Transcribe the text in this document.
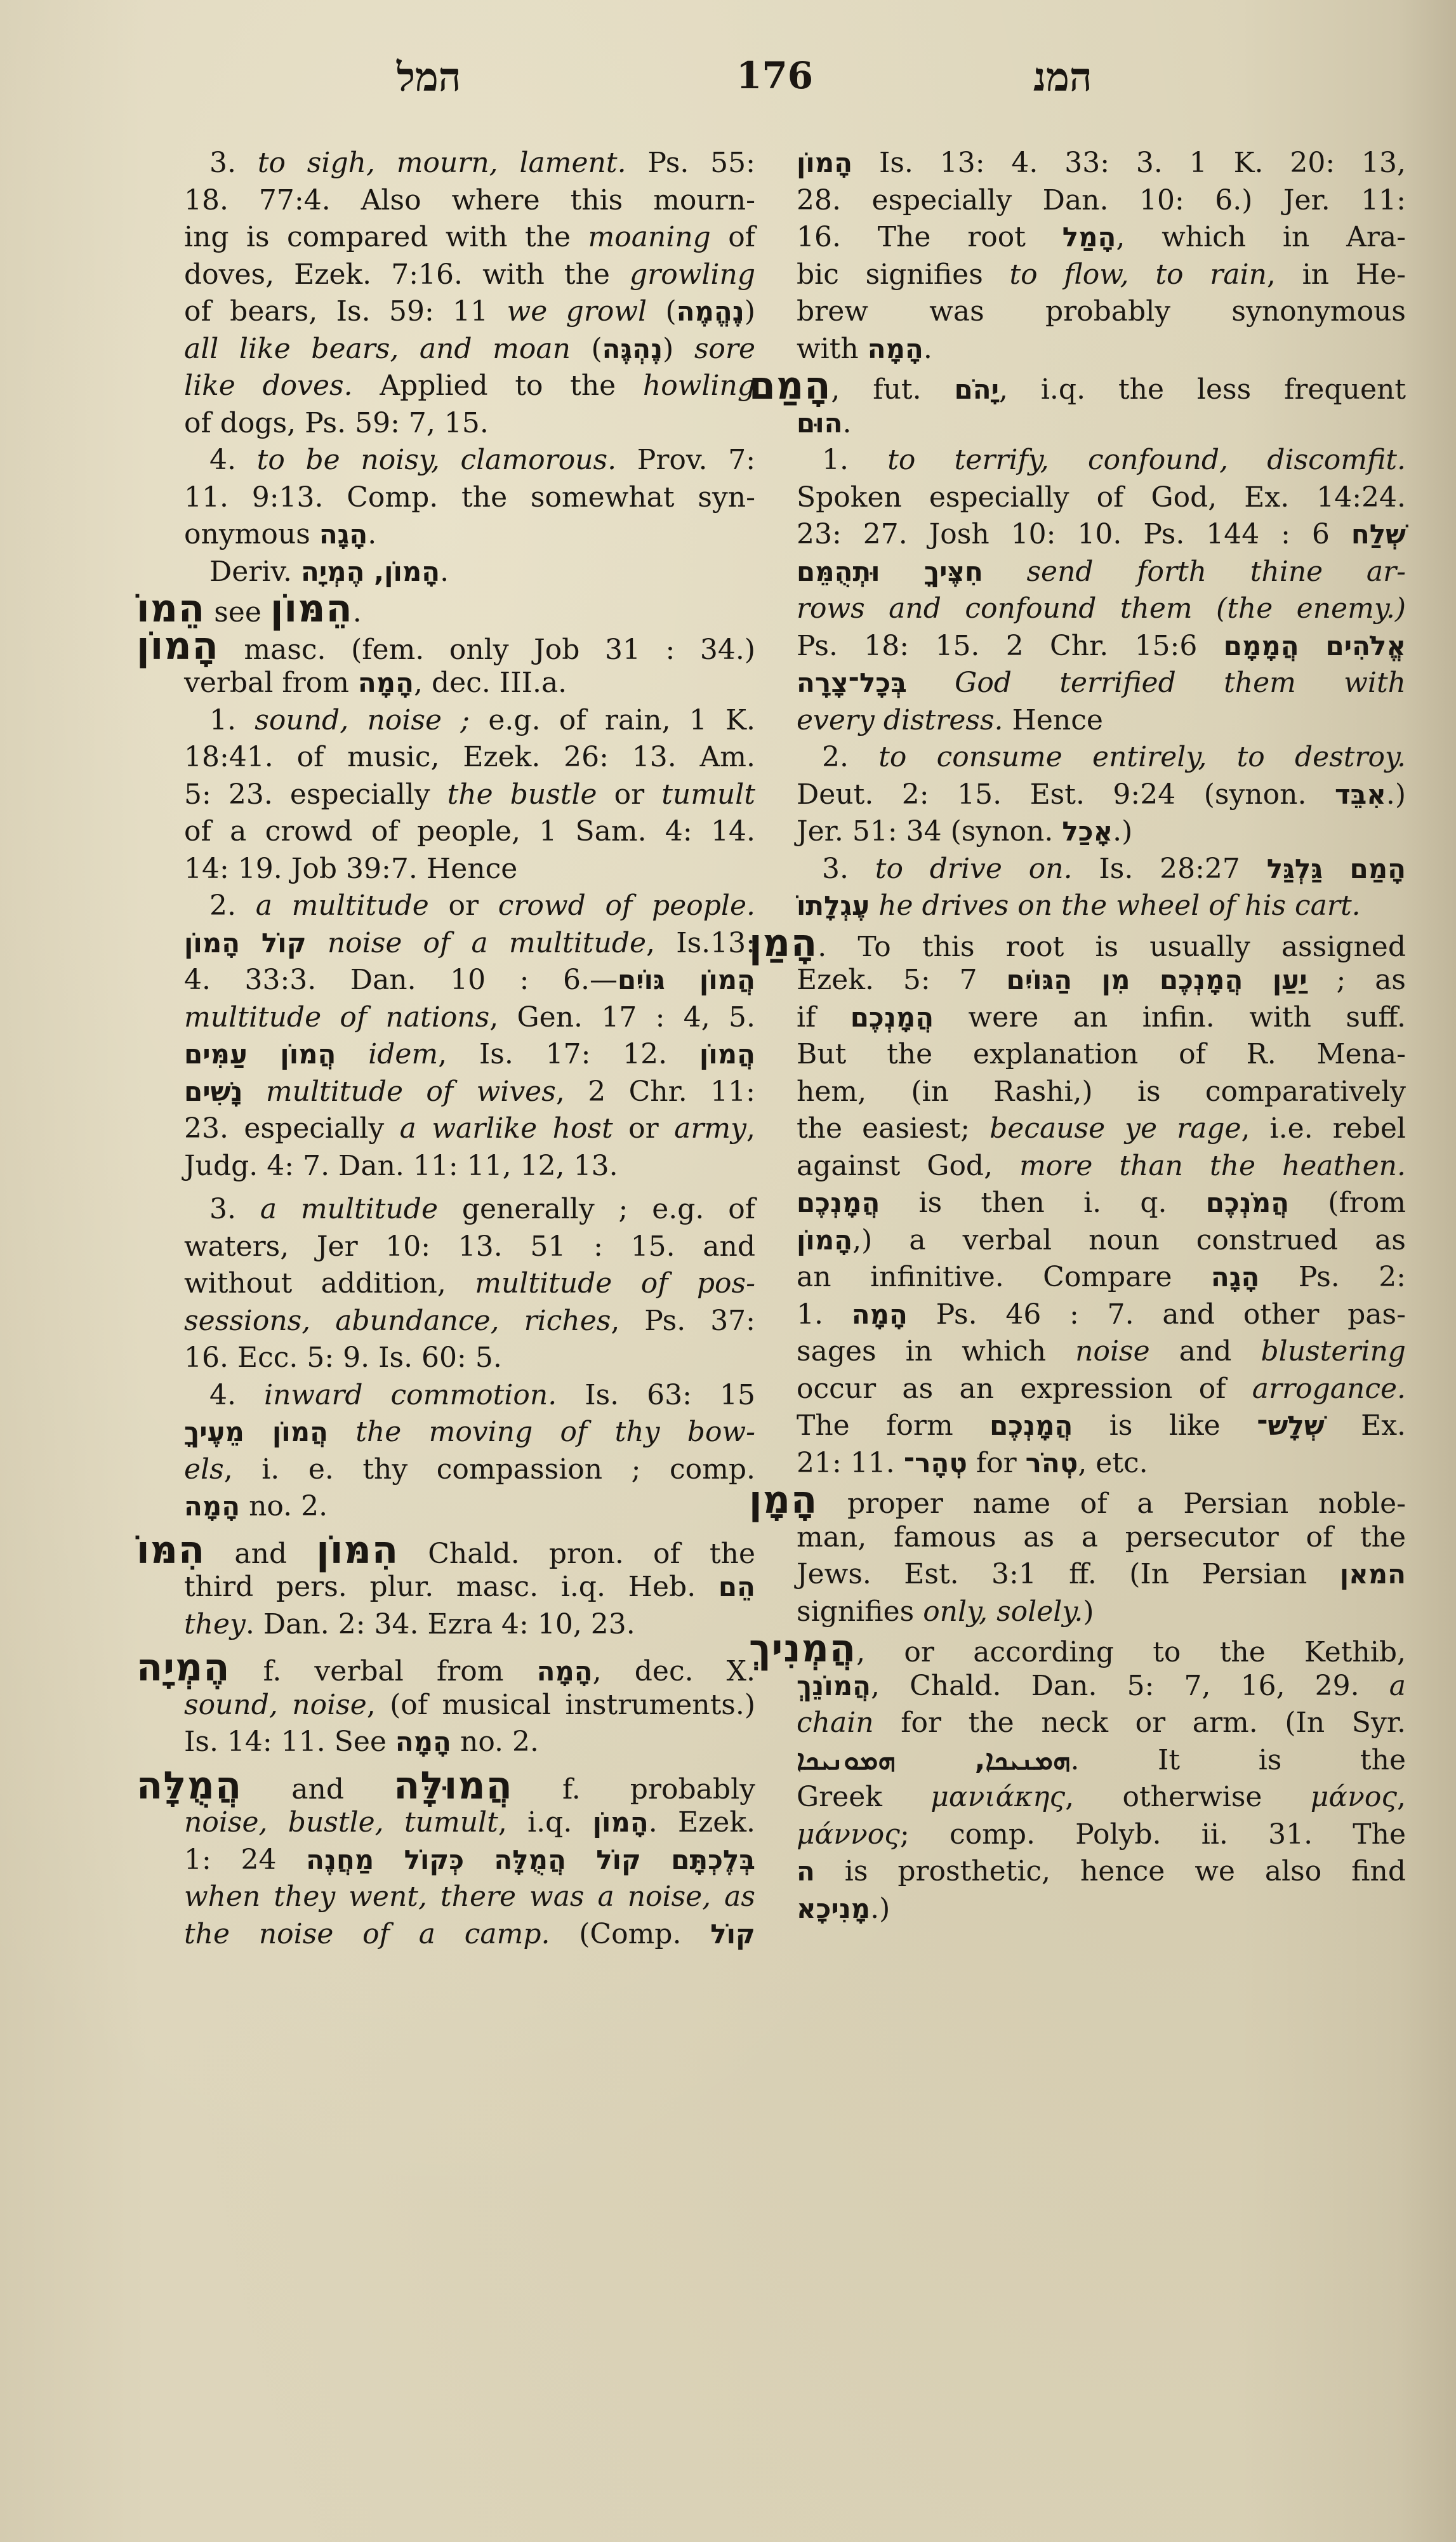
המל	176	המנ
3. to sigh, mourn, lament. Ps. 55:
18. 77:4. Also where this mourn-
ing is compared with the moaning of
doves, Ezek. 7:16. with the growling
of bears, Is. 59: 11 we growl (נֶהֱמֶה)
all like bears, and moan (נֶהְגֶּה) sore
like doves. Applied to the howling
of dogs, Ps. 59: 7, 15.
4. to be noisy, clamorous. Prov. 7:
11. 9:13. Comp. the somewhat syn-
onymous הָגָה.
Deriv. הָמוֹן, הֶמְיָה.
הֵמוֹ see הֵמּוֹן.
הָמוֹן masc. (fem. only Job 31 : 34.)
verbal from הָמָה, dec. III.a.
1. sound, noise ; e.g. of rain, 1 K.
18:41. of music, Ezek. 26: 13. Am.
5: 23. especially the bustle or tumult
of a crowd of people, 1 Sam. 4: 14.
14: 19. Job 39:7. Hence
2. a multitude or crowd of people.
קוֹל הָמוֹן noise of a multitude, Is.13:
4. 33:3. Dan. 10 : 6.—הֲמוֹן גּוֹיִם
multitude of nations, Gen. 17 : 4, 5.
הֲמוֹן עַמִּים idem, Is. 17: 12. הֲמוֹן
נָשִׁים multitude of wives, 2 Chr. 11:
23. especially a warlike host or army,
Judg. 4: 7. Dan. 11: 11, 12, 13.
3. a multitude generally ; e.g. of
waters, Jer 10: 13. 51 : 15. and
without addition, multitude of pos-
sessions, abundance, riches, Ps. 37:
16. Ecc. 5: 9. Is. 60: 5.
4. inward commotion. Is. 63: 15
הֲמוֹן מֵעֶיךָ the moving of thy bow-
els, i. e. thy compassion ; comp.
הָמָה no. 2.
הִמּוֹ and הִמּוֹן Chald. pron. of the
third pers. plur. masc. i.q. Heb. הֵם
they. Dan. 2: 34. Ezra 4: 10, 23.
הֶמְיָה f. verbal from הָמָה, dec. X.
sound, noise, (of musical instruments.)
Is. 14: 11. See הָמָה no. 2.
הֲמֻלָּה and הֲמוּלָּה f. probably
noise, bustle, tumult, i.q. הָמוֹן. Ezek.
1: 24 בְּלֶכְתָּם קוֹל הֲמֻלָּה כְּקוֹל מַחֲנֶה
when they went, there was a noise, as
the noise of a camp. (Comp. קוֹל
הָמוֹן Is. 13: 4. 33: 3. 1 K. 20: 13,
28. especially Dan. 10: 6.) Jer. 11:
16. The root הָמַל, which in Ara-
bic signifies to flow, to rain, in He-
brew was probably synonymous
with הָמָה.
הָמַם, fut. יָהֹם, i.q. the less frequent
הוּם.
1. to terrify, confound, discomfit.
Spoken especially of God, Ex. 14:24.
23: 27. Josh 10: 10. Ps. 144 : 6 שְׁלַח
חִצֶּיךָ וּתְהֻמֵּם send forth thine ar-
rows and confound them (the enemy.)
Ps. 18: 15. 2 Chr. 15:6 אֱלֹהִים הֲמָמָם
בְּכָל־צָרָה God terrified them with
every distress. Hence
2. to consume entirely, to destroy.
Deut. 2: 15. Est. 9:24 (synon. אִבֵּד.)
Jer. 51: 34 (synon. אָכַל.)
3. to drive on. Is. 28:27 הָמַם גַּלְגַּל
עֶגְלָתוֹ he drives on the wheel of his cart.
הָמַן. To this root is usually assigned
Ezek. 5: 7 יַעַן הֲמָנְכֶם מִן הַגּוֹיִם ; as
if הֲמָנְכֶם were an infin. with suff.
But the explanation of R. Mena-
hem, (in Rashi,) is comparatively
the easiest; because ye rage, i.e. rebel
against God, more than the heathen.
הֲמָנְכֶם is then i. q. הֲמֹנְכֶם (from
הָמוֹן,) a verbal noun construed as
an infinitive. Compare הָגָה Ps. 2:
1. הָמָה Ps. 46 : 7. and other pas-
sages in which noise and blustering
occur as an expression of arrogance.
The form הֲמָנְכֶם is like שְׁלָשׁ־ Ex.
21: 11. טְהָר־ for טְהֹר, etc.
הָמָן proper name of a Persian noble-
man, famous as a persecutor of the
Jews. Est. 3:1 ff. (In Persian המאן
signifies only, solely.)
הֲמְנִיךְ, or according to the Kethib,
הֲמוֹנֵךְ, Chald. Dan. 5: 7, 16, 29. a
chain for the neck or arm. (In Syr.
ܗܡܢܝܟܐ, ܗܡܘܢܝܟܐ. It is the
Greek μανιάκης, otherwise μάνος,
μάννος; comp. Polyb. ii. 31. The
ה is prosthetic, hence we also find
מָנִיכָא.)
